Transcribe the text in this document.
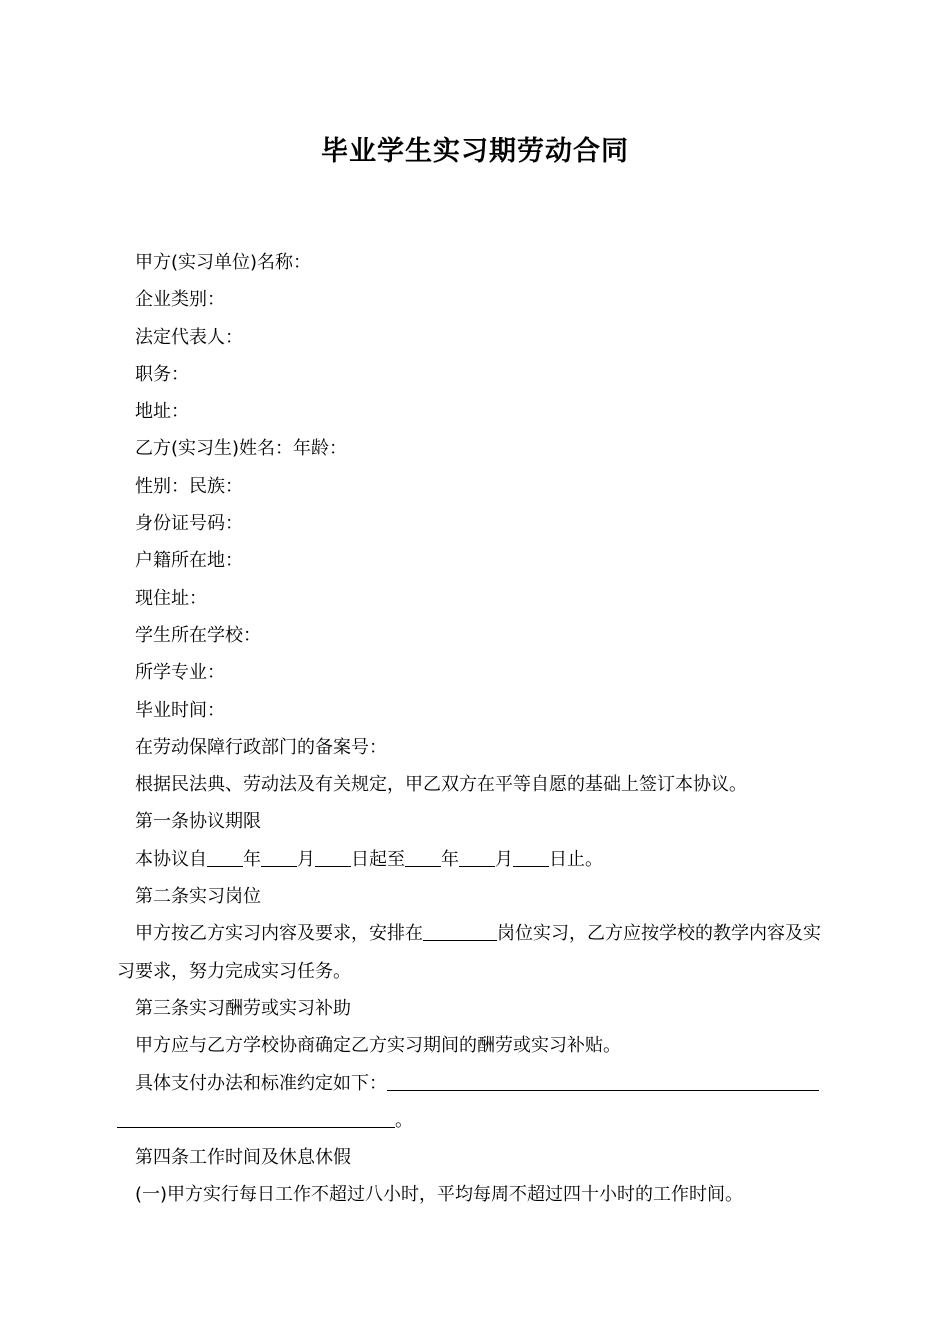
毕业学生实习期劳动合同
甲方(实习单位)名称：
企业类别：
法定代表人：
职务：
地址：
乙方(实习生)姓名：年龄：
性别：民族：
身份证号码：
户籍所在地：
现住址：
学生所在学校：
所学专业：
毕业时间：
在劳动保障行政部门的备案号：
根据民法典、劳动法及有关规定，甲乙双方在平等自愿的基础上签订本协议。
第一条协议期限
本协议自 年 月 日起至 年 月 日止。
第二条实习岗位
甲方按乙方实习内容及要求，安排在	岗位实习，乙方应按学校的教学内容及实习要求，努力完成实习任务。
第三条实习酬劳或实习补助
甲方应与乙方学校协商确定乙方实习期间的酬劳或实习补贴。
具体支付办法和标准约定如下：
。
第四条工作时间及休息休假
(一)甲方实行每日工作不超过八小时，平均每周不超过四十小时的工作时间。
